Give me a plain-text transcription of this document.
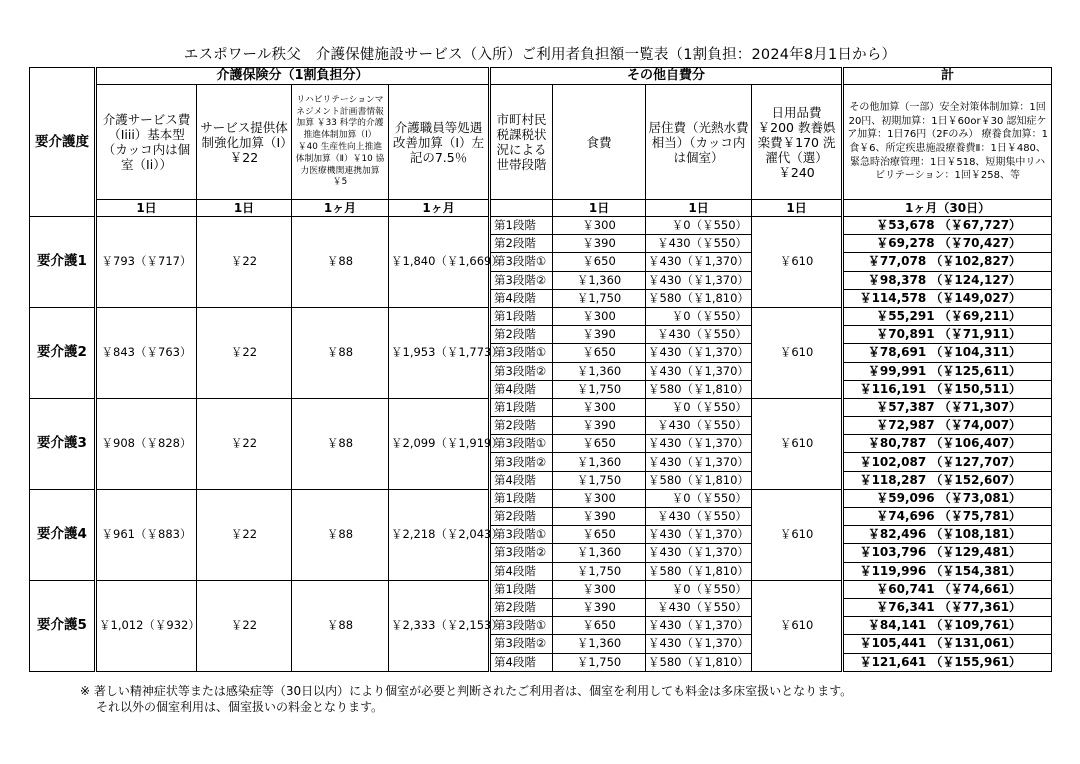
エスポワール秩父　介護保健施設サービス（入所）ご利用者負担額一覧表（1割負担：2024年8月1日から）
要介護度	介護保険分（1割負担分）				その他自費分				計
	介護サービス費（Ⅰiii）基本型（カッコ内は個室（Ⅰi））	サービス提供体制強化加算（Ⅰ）￥22	リハビリテーションマネジメント計画書情報加算 ￥33 科学的介護推進体制加算（Ⅰ）￥40 生産性向上推進体制加算（Ⅱ）￥10 協力医療機関連携加算￥5	介護職員等処遇改善加算（Ⅰ）左記の7.5％	市町村民税課税状況による世帯段階	食費	居住費（光熱水費相当）（カッコ内は個室）	日用品費￥200 教養娯楽費￥170 洗濯代（選）￥240	その他加算（一部）安全対策体制加算：1回20円、初期加算：1日￥60or￥30 認知症ケア加算：1日76円（2Fのみ） 療養食加算：1食￥6、所定疾患施設療養費Ⅱ：1日￥480、緊急時治療管理：1日￥518、短期集中リハビリテーション：1回￥258、等
	1日	1日	1ヶ月	1ヶ月		1日	1日	1日	1ヶ月（30日）
要介護1	￥793（￥717）	￥22	￥88	￥1,840（￥1,669）	第1段階	￥300	￥0（￥550）	￥610	￥53,678 （￥67,727）
					第2段階	￥390	￥430（￥550）		￥69,278 （￥70,427）
					第3段階①	￥650	￥430（￥1,370）		￥77,078 （￥102,827）
					第3段階②	￥1,360	￥430（￥1,370）		￥98,378 （￥124,127）
					第4段階	￥1,750	￥580（￥1,810）		￥114,578 （￥149,027）
要介護2	￥843（￥763）	￥22	￥88	￥1,953（￥1,773）	第1段階	￥300	￥0（￥550）	￥610	￥55,291 （￥69,211）
					第2段階	￥390	￥430（￥550）		￥70,891 （￥71,911）
					第3段階①	￥650	￥430（￥1,370）		￥78,691 （￥104,311）
					第3段階②	￥1,360	￥430（￥1,370）		￥99,991 （￥125,611）
					第4段階	￥1,750	￥580（￥1,810）		￥116,191 （￥150,511）
要介護3	￥908（￥828）	￥22	￥88	￥2,099（￥1,919）	第1段階	￥300	￥0（￥550）	￥610	￥57,387 （￥71,307）
					第2段階	￥390	￥430（￥550）		￥72,987 （￥74,007）
					第3段階①	￥650	￥430（￥1,370）		￥80,787 （￥106,407）
					第3段階②	￥1,360	￥430（￥1,370）		￥102,087 （￥127,707）
					第4段階	￥1,750	￥580（￥1,810）		￥118,287 （￥152,607）
要介護4	￥961（￥883）	￥22	￥88	￥2,218（￥2,043）	第1段階	￥300	￥0（￥550）	￥610	￥59,096 （￥73,081）
					第2段階	￥390	￥430（￥550）		￥74,696 （￥75,781）
					第3段階①	￥650	￥430（￥1,370）		￥82,496 （￥108,181）
					第3段階②	￥1,360	￥430（￥1,370）		￥103,796 （￥129,481）
					第4段階	￥1,750	￥580（￥1,810）		￥119,996 （￥154,381）
要介護5	￥1,012（￥932）	￥22	￥88	￥2,333（￥2,153）	第1段階	￥300	￥0（￥550）	￥610	￥60,741 （￥74,661）
					第2段階	￥390	￥430（￥550）		￥76,341 （￥77,361）
					第3段階①	￥650	￥430（￥1,370）		￥84,141 （￥109,761）
					第3段階②	￥1,360	￥430（￥1,370）		￥105,441 （￥131,061）
					第4段階	￥1,750	￥580（￥1,810）		￥121,641 （￥155,961）
※ 著しい精神症状等または感染症等（30日以内）により個室が必要と判断されたご利用者は、個室を利用しても料金は多床室扱いとなります。
それ以外の個室利用は、個室扱いの料金となります。
